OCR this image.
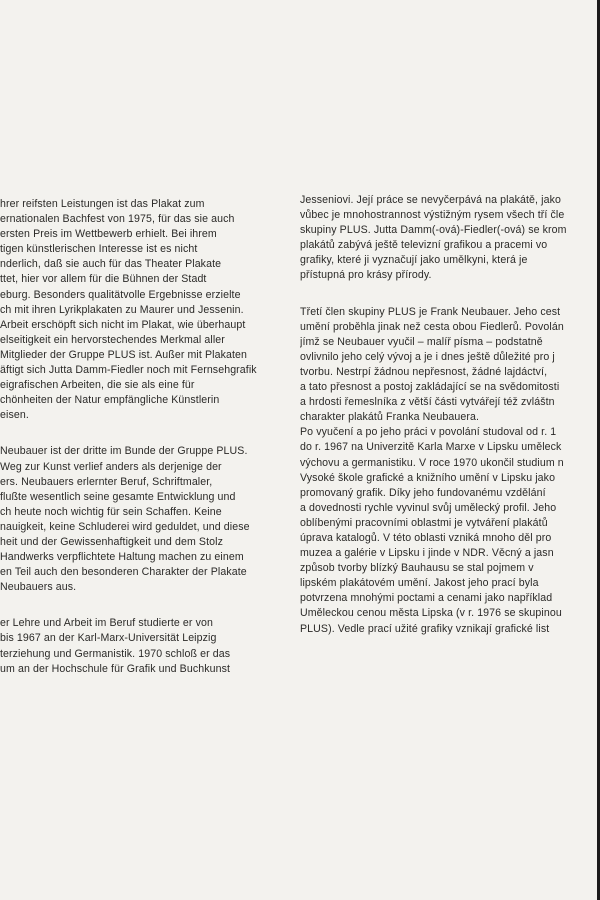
hrer reifsten Leistungen ist das Plakat zum
ernationalen Bachfest von 1975, für das sie auch
ersten Preis im Wettbewerb erhielt. Bei ihrem
tigen künstlerischen Interesse ist es nicht
nderlich, daß sie auch für das Theater Plakate
ttet, hier vor allem für die Bühnen der Stadt
eburg. Besonders qualitätvolle Ergebnisse erzielte
ch mit ihren Lyrikplakaten zu Maurer und Jessenin.
Arbeit erschöpft sich nicht im Plakat, wie überhaupt
elseitigkeit ein hervorstechendes Merkmal aller
Mitglieder der Gruppe PLUS ist. Außer mit Plakaten
äftigt sich Jutta Damm-Fiedler noch mit Fernsehgrafik
eigrafischen Arbeiten, die sie als eine für
chönheiten der Natur empfängliche Künstlerin
eisen.
Neubauer ist der dritte im Bunde der Gruppe PLUS.
Weg zur Kunst verlief anders als derjenige der
ers. Neubauers erlernter Beruf, Schriftmaler,
flußte wesentlich seine gesamte Entwicklung und
ch heute noch wichtig für sein Schaffen. Keine
nauigkeit, keine Schluderei wird geduldet, und diese
heit und der Gewissenhaftigkeit und dem Stolz
Handwerks verpflichtete Haltung machen zu einem
en Teil auch den besonderen Charakter der Plakate
Neubauers aus.
er Lehre und Arbeit im Beruf studierte er von
bis 1967 an der Karl-Marx-Universität Leipzig
terziehung und Germanistik. 1970 schloß er das
um an der Hochschule für Grafik und Buchkunst
Jesseniovi. Její práce se nevyčerpává na plakátě, jako
vůbec je mnohostrannost výstižným rysem všech tří čle
skupiny PLUS. Jutta Damm(-ová)-Fiedler(-ová) se krom
plakátů zabývá ještě televizní grafikou a pracemi vo
grafiky, které ji vyznačují jako umělkyni, která je
přístupná pro krásy přírody.
Třetí člen skupiny PLUS je Frank Neubauer. Jeho cest
umění proběhla jinak než cesta obou Fiedlerů. Povolán
jímž se Neubauer vyučil – malíř písma – podstatně
ovlivnilo jeho celý vývoj a je i dnes ještě důležité pro j
tvorbu. Nestrpí žádnou nepřesnost, žádné lajdáctví,
a tato přesnost a postoj zakládající se na svědomitosti
a hrdosti řemeslníka z větší části vytvářejí též zvláštn
charakter plakátů Franka Neubauera.
Po vyučení a po jeho práci v povolání studoval od r. 1
do r. 1967 na Univerzitě Karla Marxe v Lipsku uměleck
výchovu a germanistiku. V roce 1970 ukončil studium n
Vysoké škole grafické a knižního umění v Lipsku jako
promovaný grafik. Díky jeho fundovanému vzdělání
a dovednosti rychle vyvinul svůj umělecký profil. Jeho
oblíbenými pracovními oblastmi je vytváření plakátů
úprava katalogů. V této oblasti vzniká mnoho děl pro
muzea a galérie v Lipsku i jinde v NDR. Věcný a jasn
způsob tvorby blízký Bauhausu se stal pojmem v
lipském plakátovém umění. Jakost jeho prací byla
potvrzena mnohými poctami a cenami jako například
Uměleckou cenou města Lipska (v r. 1976 se skupinou
PLUS). Vedle prací užité grafiky vznikají grafické list
